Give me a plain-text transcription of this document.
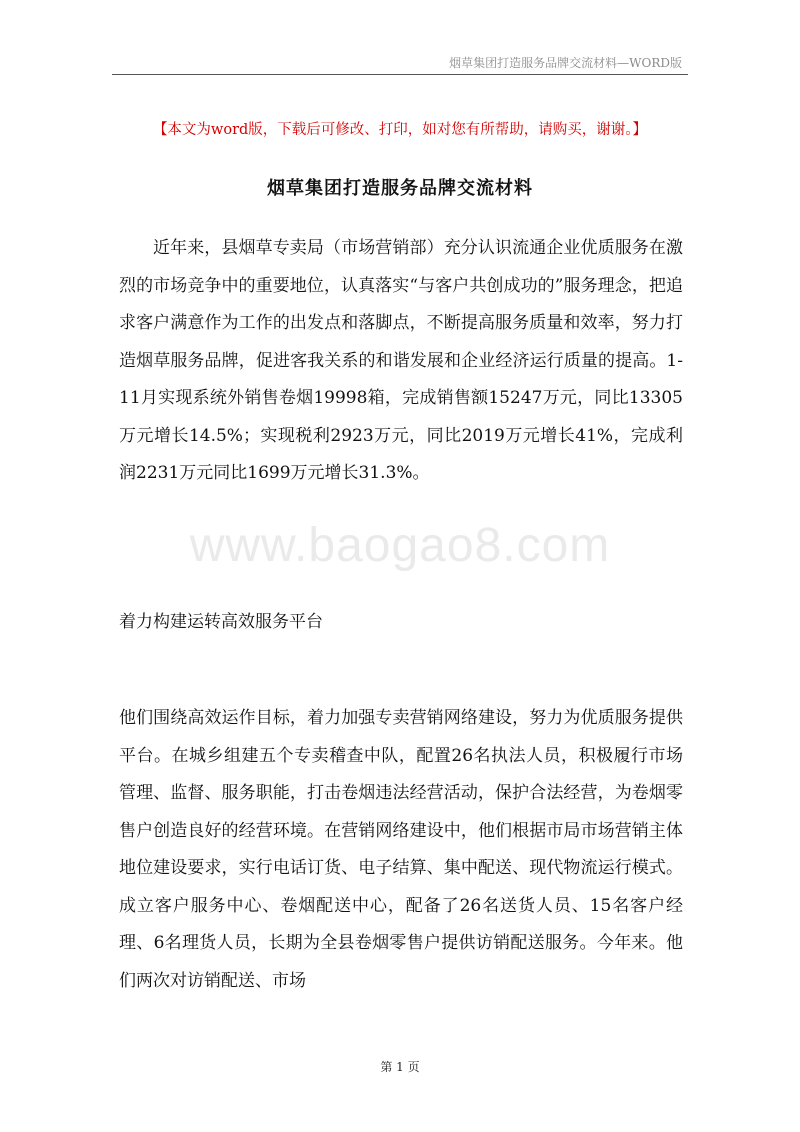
烟草集团打造服务品牌交流材料—WORD版
【本文为word版，下载后可修改、打印，如对您有所帮助，请购买，谢谢。】
烟草集团打造服务品牌交流材料
近年来，县烟草专卖局（市场营销部）充分认识流通企业优质服务在激烈的市场竞争中的重要地位，认真落实“与客户共创成功的”服务理念，把追求客户满意作为工作的出发点和落脚点，不断提高服务质量和效率，努力打造烟草服务品牌，促进客我关系的和谐发展和企业经济运行质量的提高。1-11月实现系统外销售卷烟19998箱，完成销售额15247万元，同比13305万元增长14.5%；实现税利2923万元，同比2019万元增长41%，完成利润2231万元同比1699万元增长31.3%。
www.baogao8.com
着力构建运转高效服务平台
他们围绕高效运作目标，着力加强专卖营销网络建设，努力为优质服务提供平台。在城乡组建五个专卖稽查中队，配置26名执法人员，积极履行市场管理、监督、服务职能，打击卷烟违法经营活动，保护合法经营，为卷烟零售户创造良好的经营环境。在营销网络建设中，他们根据市局市场营销主体地位建设要求，实行电话订货、电子结算、集中配送、现代物流运行模式。成立客户服务中心、卷烟配送中心，配备了26名送货人员、15名客户经理、6名理货人员，长期为全县卷烟零售户提供访销配送服务。今年来。他们两次对访销配送、市场
第 1 页
